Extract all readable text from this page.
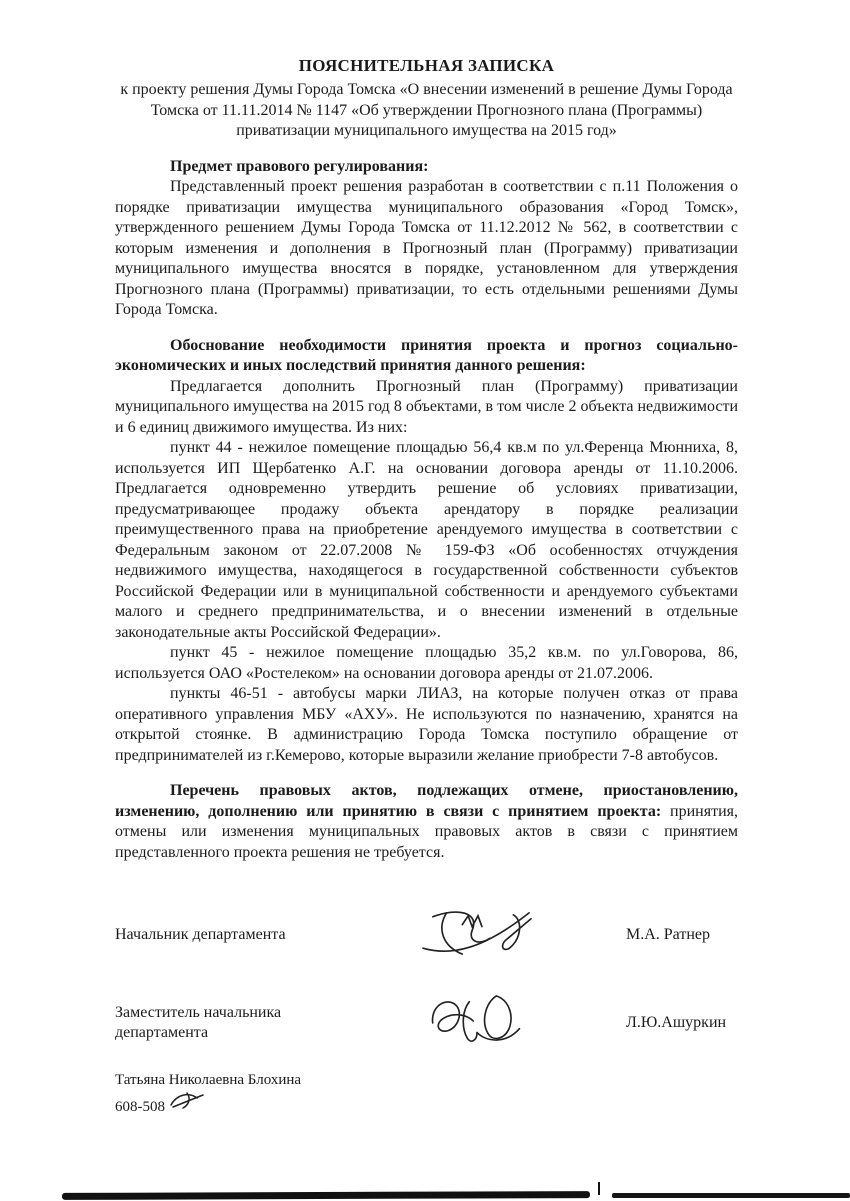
ПОЯСНИТЕЛЬНАЯ ЗАПИСКА

к проекту решения Думы Города Томска «О внесении изменений в решение Думы Города Томска от 11.11.2014 № 1147 «Об утверждении Прогнозного плана (Программы) приватизации муниципального имущества на 2015 год»

Предмет правового регулирования:

Представленный проект решения разработан в соответствии с п.11 Положения о порядке приватизации имущества муниципального образования «Город Томск», утвержденного решением Думы Города Томска от 11.12.2012 № 562, в соответствии с которым изменения и дополнения в Прогнозный план (Программу) приватизации муниципального имущества вносятся в порядке, установленном для утверждения Прогнозного плана (Программы) приватизации, то есть отдельными решениями Думы Города Томска.

Обоснование необходимости принятия проекта и прогноз социально-экономических и иных последствий принятия данного решения:

Предлагается дополнить Прогнозный план (Программу) приватизации муниципального имущества на 2015 год 8 объектами, в том числе 2 объекта недвижимости и 6 единиц движимого имущества. Из них:

пункт 44 - нежилое помещение площадью 56,4 кв.м по ул.Ференца Мюнниха, 8, используется ИП Щербатенко А.Г. на основании договора аренды от 11.10.2006. Предлагается одновременно утвердить решение об условиях приватизации, предусматривающее продажу объекта арендатору в порядке реализации преимущественного права на приобретение арендуемого имущества в соответствии с Федеральным законом от 22.07.2008 № 159-ФЗ «Об особенностях отчуждения недвижимого имущества, находящегося в государственной собственности субъектов Российской Федерации или в муниципальной собственности и арендуемого субъектами малого и среднего предпринимательства, и о внесении изменений в отдельные законодательные акты Российской Федерации».

пункт 45 - нежилое помещение площадью 35,2 кв.м. по ул.Говорова, 86, используется ОАО «Ростелеком» на основании договора аренды от 21.07.2006.

пункты 46-51 - автобусы марки ЛИАЗ, на которые получен отказ от права оперативного управления МБУ «АХУ». Не используются по назначению, хранятся на открытой стоянке. В администрацию Города Томска поступило обращение от предпринимателей из г.Кемерово, которые выразили желание приобрести 7-8 автобусов.

Перечень правовых актов, подлежащих отмене, приостановлению, изменению, дополнению или принятию в связи с принятием проекта: принятия, отмены или изменения муниципальных правовых актов в связи с принятием представленного проекта решения не требуется.

Начальник департамента	М.А. Ратнер
Заместитель начальника департамента
Л.Ю.Ашуркин
Татьяна Николаевна Блохина
608-508
